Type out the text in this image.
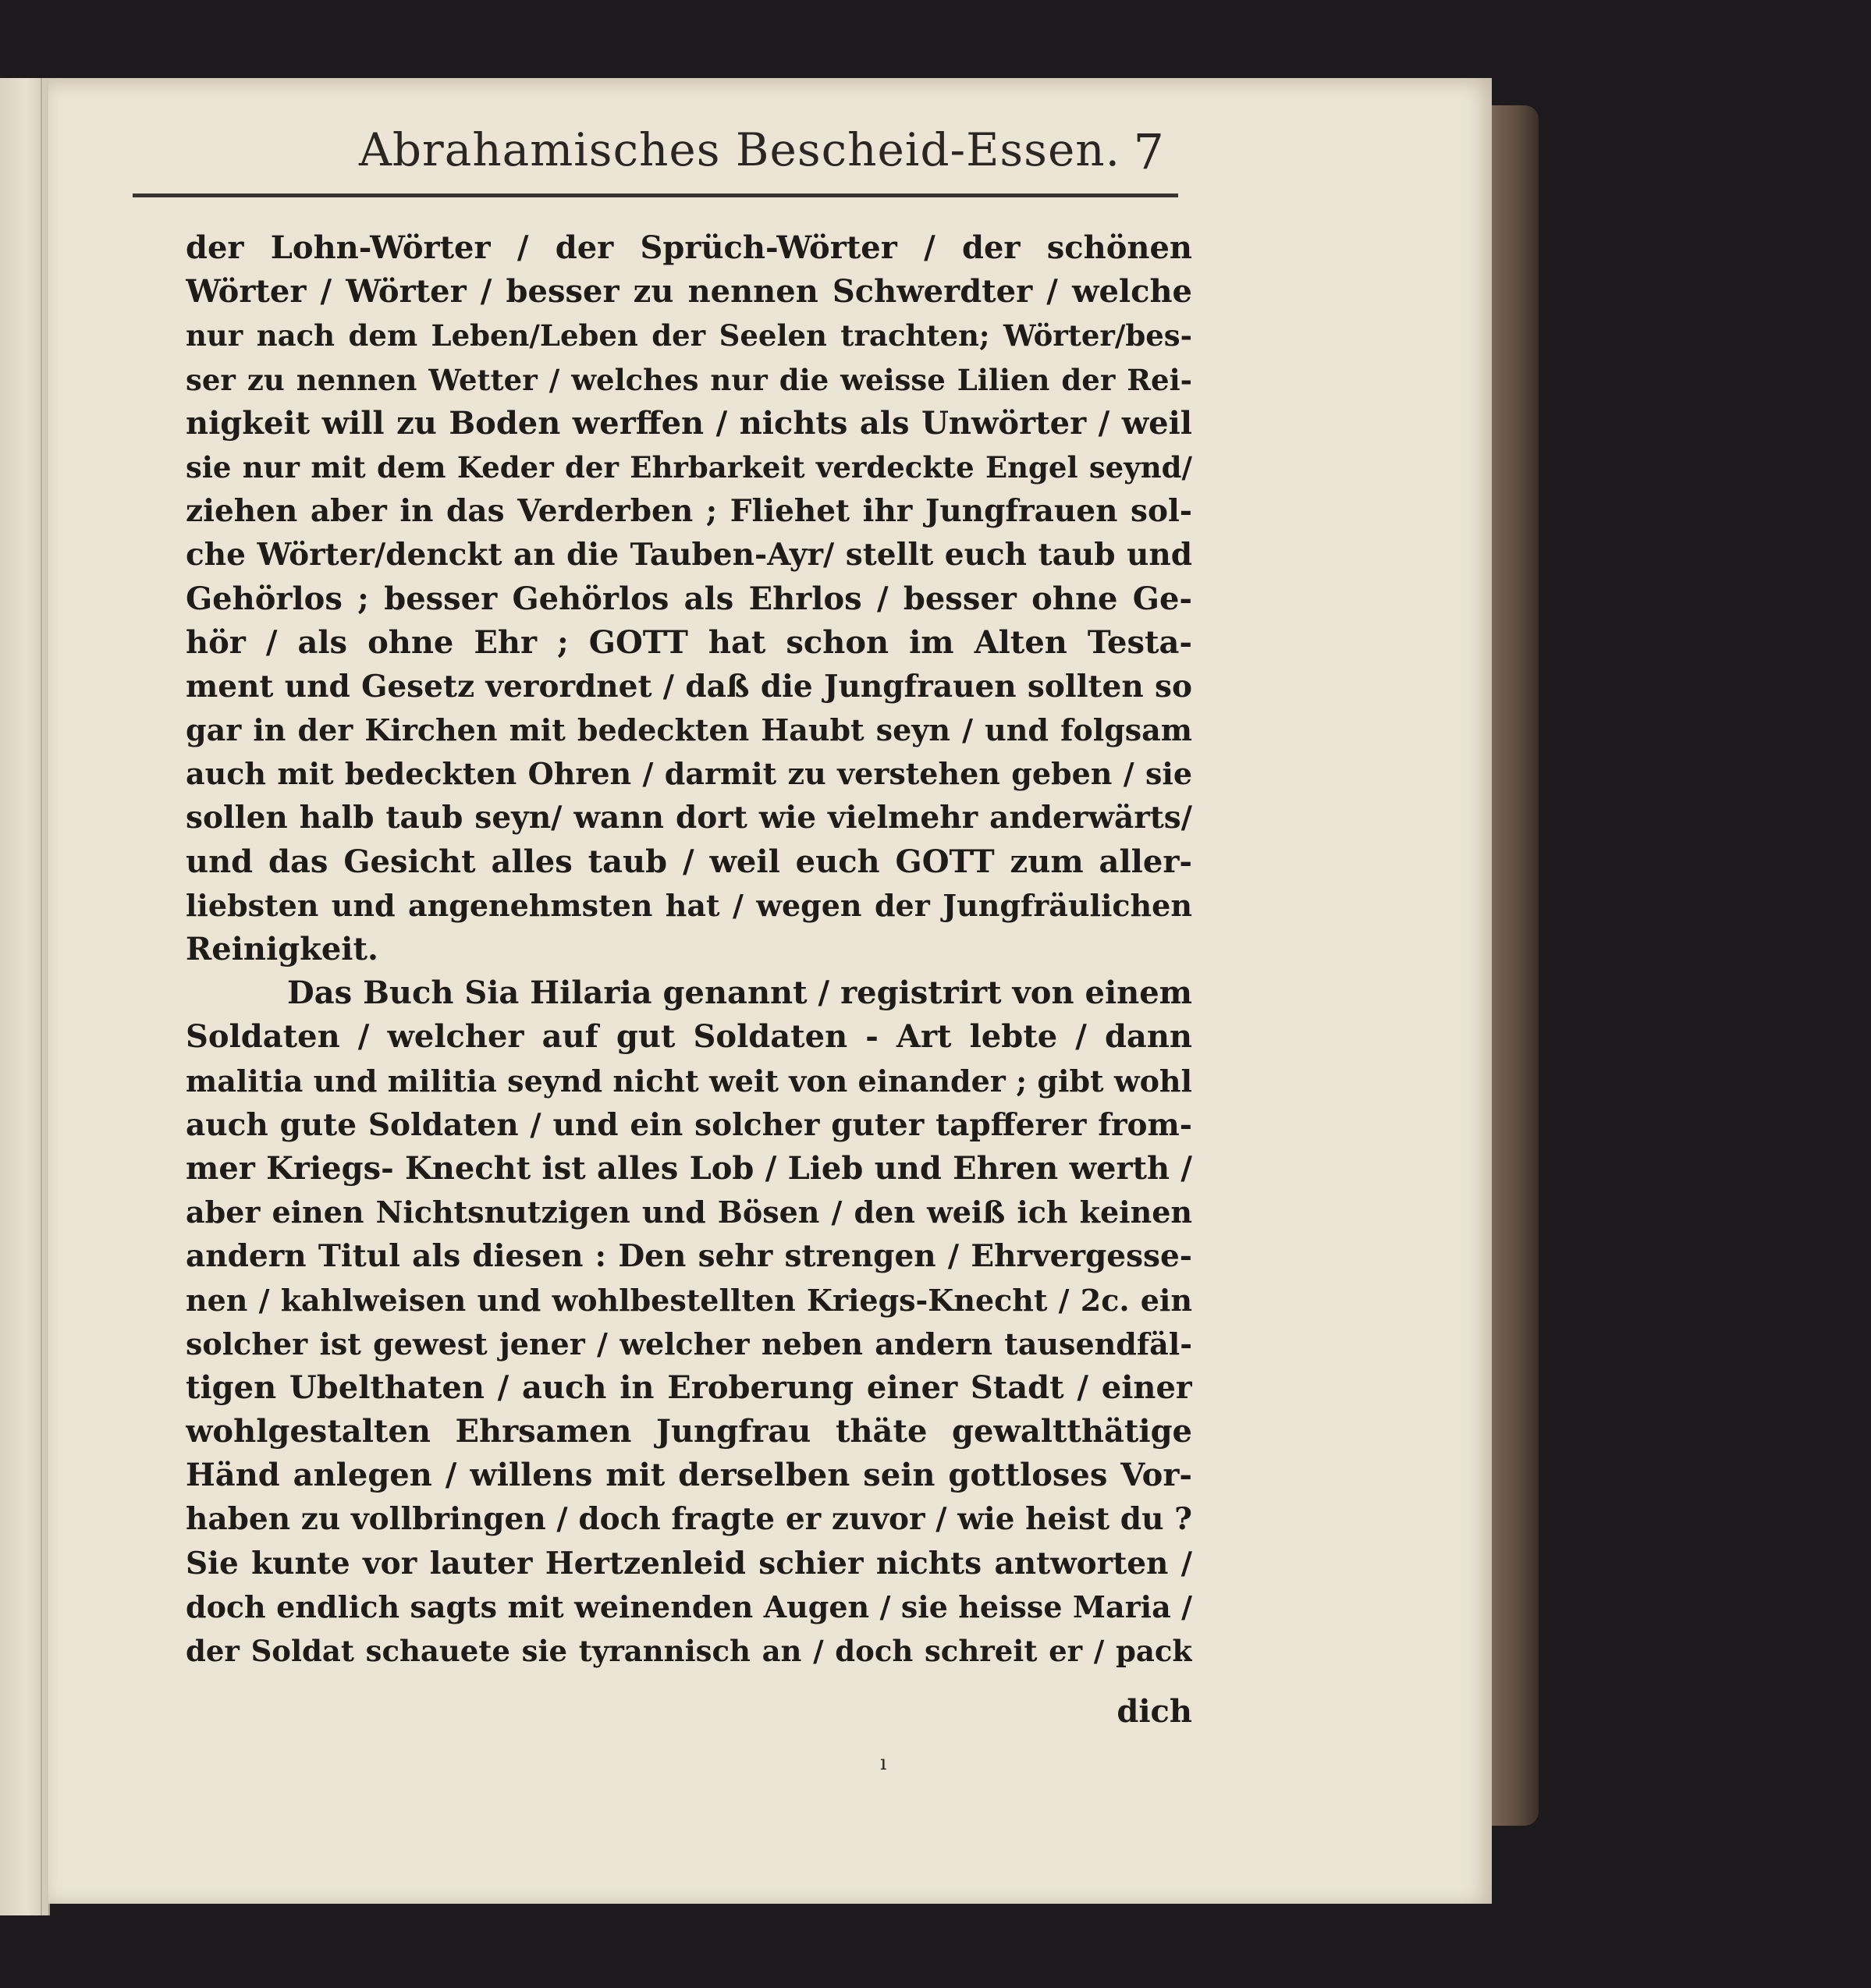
Abrahamisches Bescheid-Essen. 7
der Lohn-Wörter / der Sprüch-Wörter / der schönen
Wörter / Wörter / besser zu nennen Schwerdter / welche
nur nach dem Leben/Leben der Seelen trachten; Wörter/bes-
ser zu nennen Wetter / welches nur die weisse Lilien der Rei-
nigkeit will zu Boden werffen / nichts als Unwörter / weil
sie nur mit dem Keder der Ehrbarkeit verdeckte Engel seynd/
ziehen aber in das Verderben ; Fliehet ihr Jungfrauen sol-
che Wörter/denckt an die Tauben-Ayr/ stellt euch taub und
Gehörlos ; besser Gehörlos als Ehrlos / besser ohne Ge-
hör / als ohne Ehr ; GOTT hat schon im Alten Testa-
ment und Gesetz verordnet / daß die Jungfrauen sollten so
gar in der Kirchen mit bedeckten Haubt seyn / und folgsam
auch mit bedeckten Ohren / darmit zu verstehen geben / sie
sollen halb taub seyn/ wann dort wie vielmehr anderwärts/
und das Gesicht alles taub / weil euch GOTT zum aller-
liebsten und angenehmsten hat / wegen der Jungfräulichen
Reinigkeit.
Das Buch Sia Hilaria genannt / registrirt von einem
Soldaten / welcher auf gut Soldaten - Art lebte / dann
malitia und militia seynd nicht weit von einander ; gibt wohl
auch gute Soldaten / und ein solcher guter tapfferer from-
mer Kriegs- Knecht ist alles Lob / Lieb und Ehren werth /
aber einen Nichtsnutzigen und Bösen / den weiß ich keinen
andern Titul als diesen : Den sehr strengen / Ehrvergesse-
nen / kahlweisen und wohlbestellten Kriegs-Knecht / 2c. ein
solcher ist gewest jener / welcher neben andern tausendfäl-
tigen Ubelthaten / auch in Eroberung einer Stadt / einer
wohlgestalten Ehrsamen Jungfrau thäte gewaltthätige
Händ anlegen / willens mit derselben sein gottloses Vor-
haben zu vollbringen / doch fragte er zuvor / wie heist du ?
Sie kunte vor lauter Hertzenleid schier nichts antworten /
doch endlich sagts mit weinenden Augen / sie heisse Maria /
der Soldat schauete sie tyrannisch an / doch schreit er / pack
dich
ı
